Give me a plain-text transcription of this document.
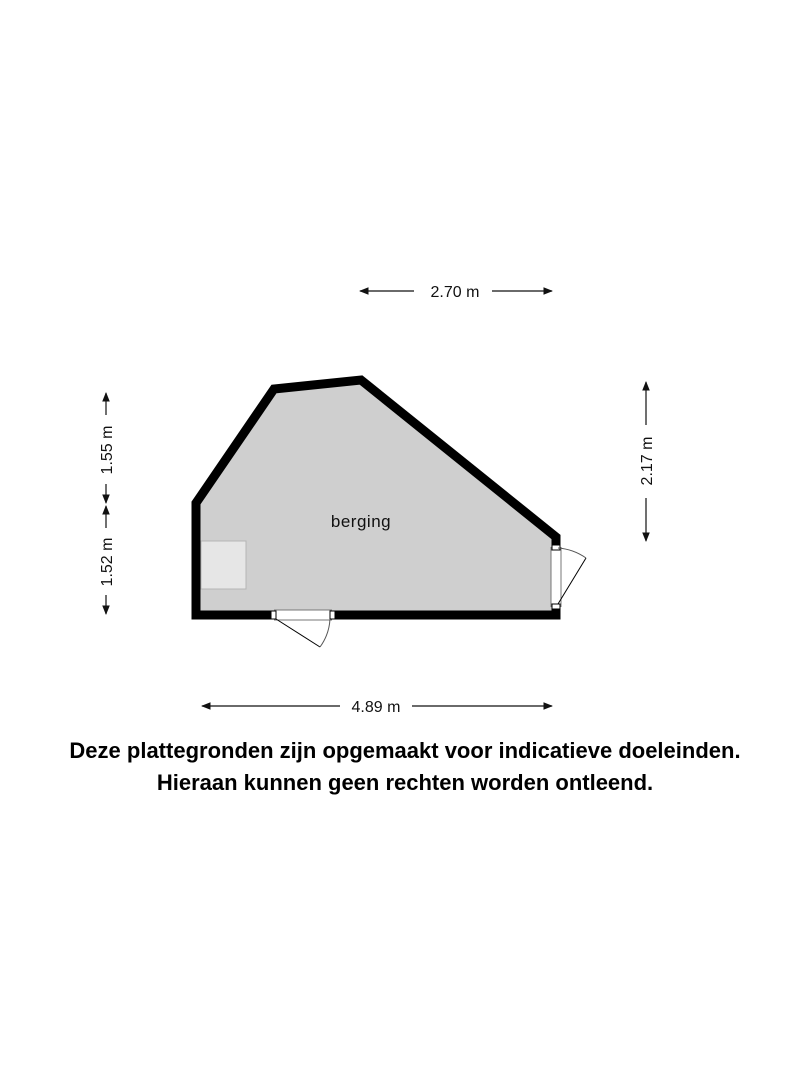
berging
2.70 m
2.17 m
1.55 m
1.52 m
4.89 m
Deze plattegronden zijn opgemaakt voor indicatieve doeleinden.
Hieraan kunnen geen rechten worden ontleend.
